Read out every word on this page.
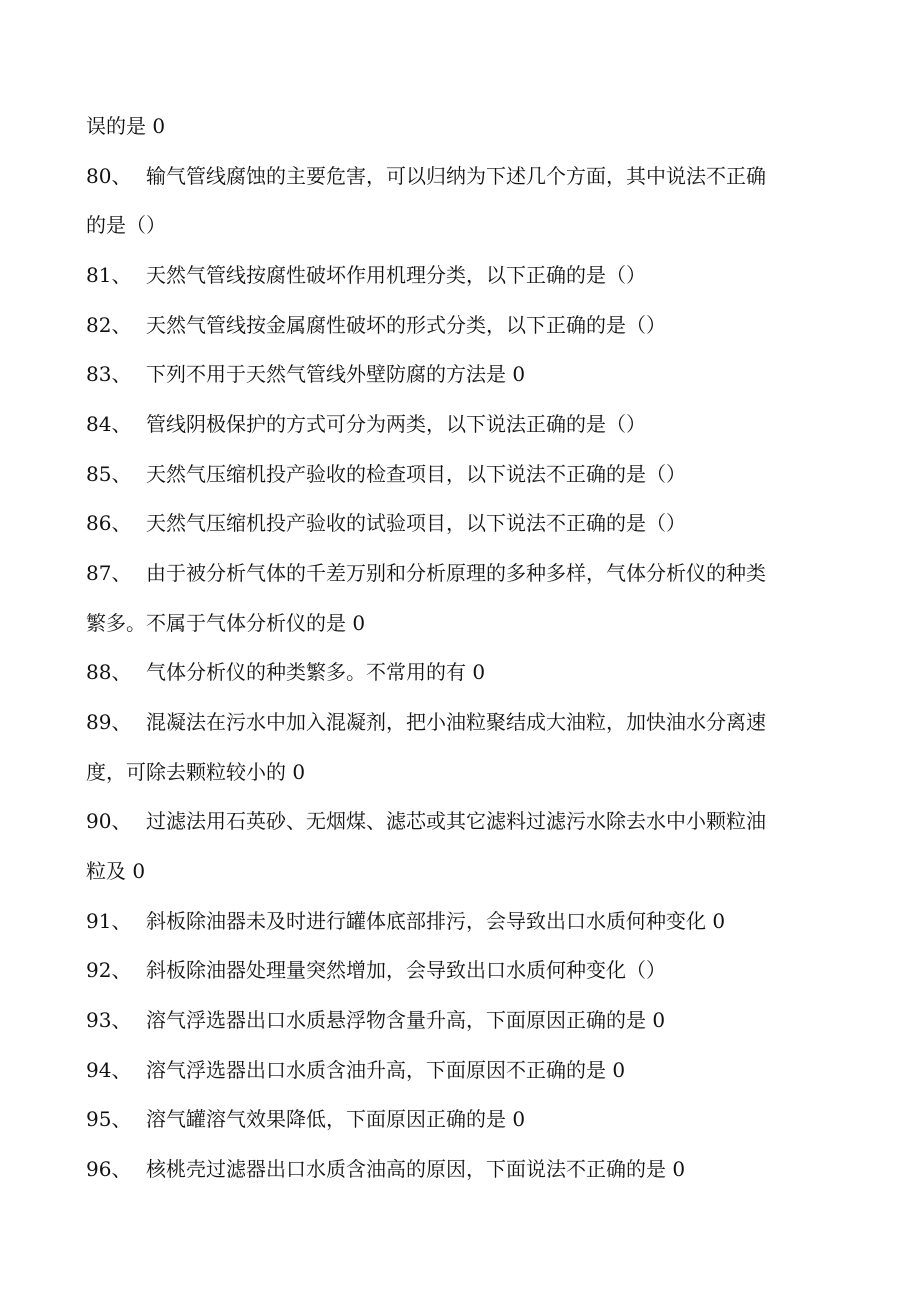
误的是 0
80、 输气管线腐蚀的主要危害，可以归纳为下述几个方面，其中说法不正确
的是（）
81、 天然气管线按腐性破坏作用机理分类，以下正确的是（）
82、 天然气管线按金属腐性破坏的形式分类，以下正确的是（）
83、 下列不用于天然气管线外壁防腐的方法是 0
84、 管线阴极保护的方式可分为两类，以下说法正确的是（）
85、 天然气压缩机投产验收的检查项目，以下说法不正确的是（）
86、 天然气压缩机投产验收的试验项目，以下说法不正确的是（）
87、 由于被分析气体的千差万别和分析原理的多种多样，气体分析仪的种类
繁多。不属于气体分析仪的是 0
88、 气体分析仪的种类繁多。不常用的有 0
89、 混凝法在污水中加入混凝剂，把小油粒聚结成大油粒，加快油水分离速
度，可除去颗粒较小的 0
90、 过滤法用石英砂、无烟煤、滤芯或其它滤料过滤污水除去水中小颗粒油
粒及 0
91、 斜板除油器未及时进行罐体底部排污，会导致出口水质何种变化 0
92、 斜板除油器处理量突然增加，会导致出口水质何种变化（）
93、 溶气浮选器出口水质悬浮物含量升高，下面原因正确的是 0
94、 溶气浮选器出口水质含油升高，下面原因不正确的是 0
95、 溶气罐溶气效果降低，下面原因正确的是 0
96、 核桃壳过滤器出口水质含油高的原因，下面说法不正确的是 0
